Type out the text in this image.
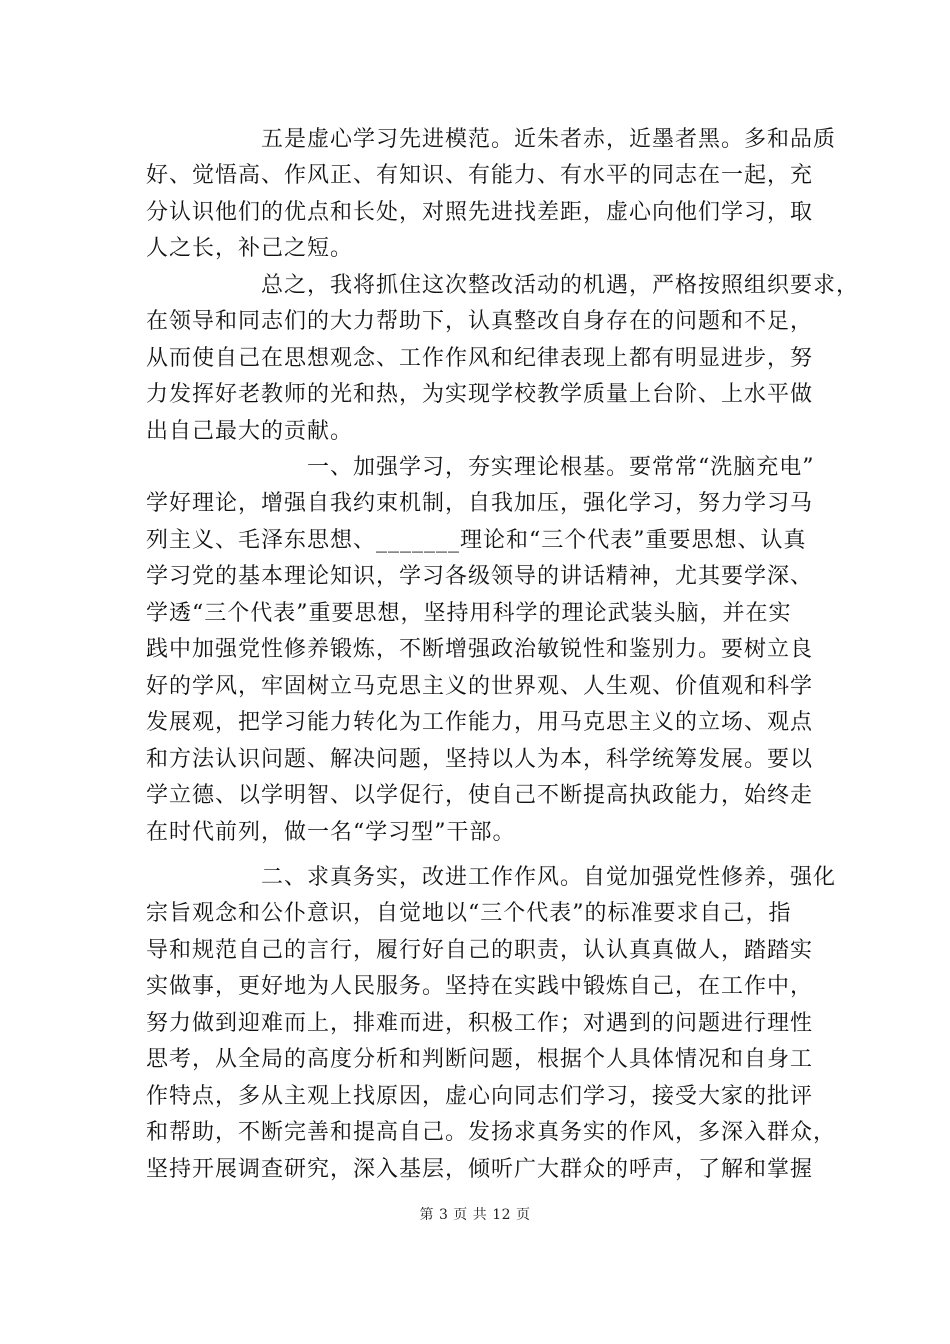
　　　　　五是虚心学习先进模范。近朱者赤，近墨者黑。多和品质

好、觉悟高、作风正、有知识、有能力、有水平的同志在一起，充

分认识他们的优点和长处，对照先进找差距，虚心向他们学习，取

人之长，补己之短。

　　　　　总之，我将抓住这次整改活动的机遇，严格按照组织要求，

在领导和同志们的大力帮助下，认真整改自身存在的问题和不足，

从而使自己在思想观念、工作作风和纪律表现上都有明显进步，努

力发挥好老教师的光和热，为实现学校教学质量上台阶、上水平做

出自己最大的贡献。

　　　　　　　一、加强学习，夯实理论根基。要常常“洗脑充电”

学好理论，增强自我约束机制，自我加压，强化学习，努力学习马

列主义、毛泽东思想、_______理论和“三个代表”重要思想、认真

学习党的基本理论知识，学习各级领导的讲话精神，尤其要学深、

学透“三个代表”重要思想，坚持用科学的理论武装头脑，并在实

践中加强党性修养锻炼，不断增强政治敏锐性和鉴别力。要树立良

好的学风，牢固树立马克思主义的世界观、人生观、价值观和科学

发展观，把学习能力转化为工作能力，用马克思主义的立场、观点

和方法认识问题、解决问题，坚持以人为本，科学统筹发展。要以

学立德、以学明智、以学促行，使自己不断提高执政能力，始终走

在时代前列，做一名“学习型”干部。

　　　　　二、求真务实，改进工作作风。自觉加强党性修养，强化

宗旨观念和公仆意识，自觉地以“三个代表”的标准要求自己，指

导和规范自己的言行，履行好自己的职责，认认真真做人，踏踏实

实做事，更好地为人民服务。坚持在实践中锻炼自己，在工作中，

努力做到迎难而上，排难而进，积极工作；对遇到的问题进行理性

思考，从全局的高度分析和判断问题，根据个人具体情况和自身工

作特点，多从主观上找原因，虚心向同志们学习，接受大家的批评

和帮助，不断完善和提高自己。发扬求真务实的作风，多深入群众，

坚持开展调查研究，深入基层，倾听广大群众的呼声，了解和掌握

第 3 页 共 12 页
